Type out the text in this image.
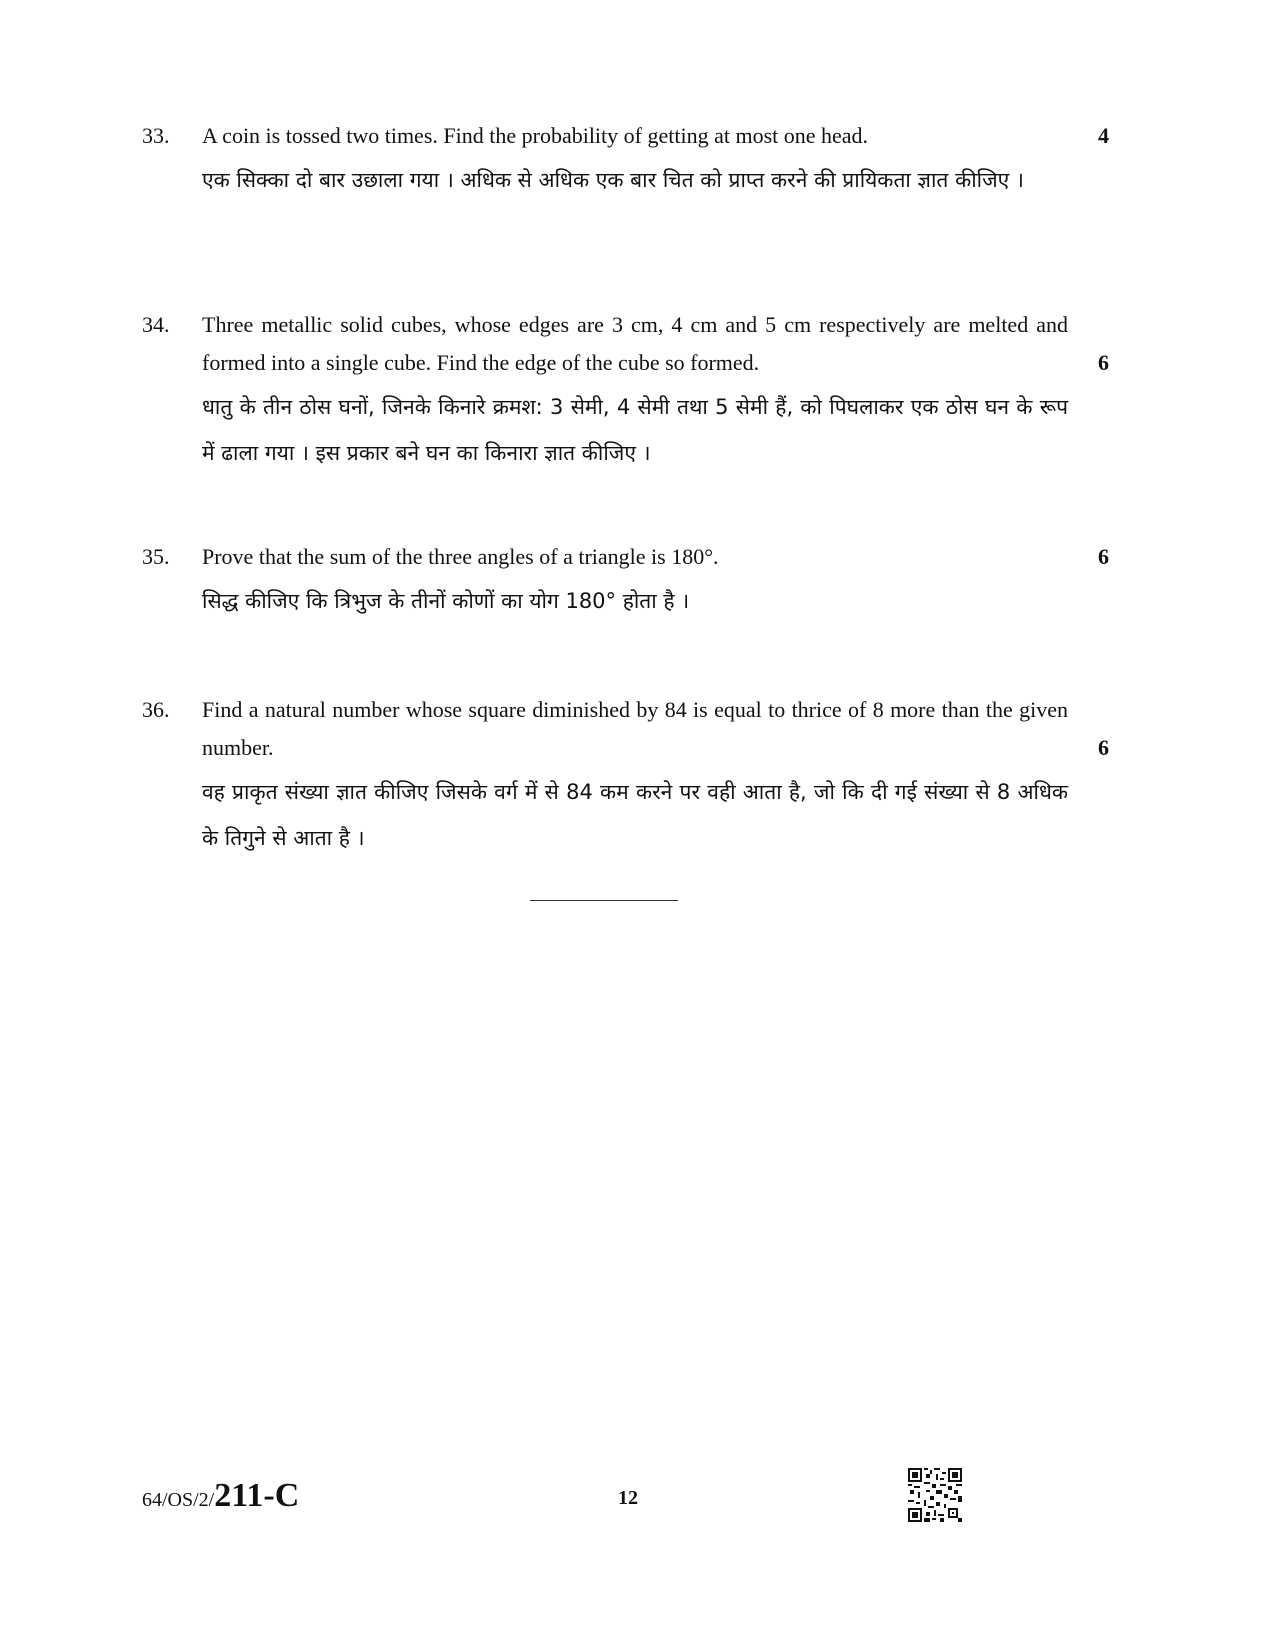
33. A coin is tossed two times. Find the probability of getting at most one head.

एक सिक्का दो बार उछाला गया । अधिक से अधिक एक बार चित को प्राप्त करने की प्रायिकता ज्ञात कीजिए ।

4
34. Three metallic solid cubes, whose edges are 3 cm, 4 cm and 5 cm respectively are melted and formed into a single cube. Find the edge of the cube so formed.

धातु के तीन ठोस घनों, जिनके किनारे क्रमश: 3 सेमी, 4 सेमी तथा 5 सेमी हैं, को पिघलाकर एक ठोस घन के रूप में ढाला गया । इस प्रकार बने घन का किनारा ज्ञात कीजिए ।

6
35. Prove that the sum of the three angles of a triangle is 180°.

सिद्ध कीजिए कि त्रिभुज के तीनों कोणों का योग 180° होता है ।

6
36. Find a natural number whose square diminished by 84 is equal to thrice of 8 more than the given number.

वह प्राकृत संख्या ज्ञात कीजिए जिसके वर्ग में से 84 कम करने पर वही आता है, जो कि दी गई संख्या से 8 अधिक के तिगुने से आता है ।

6
64/OS/2/211-C	12
